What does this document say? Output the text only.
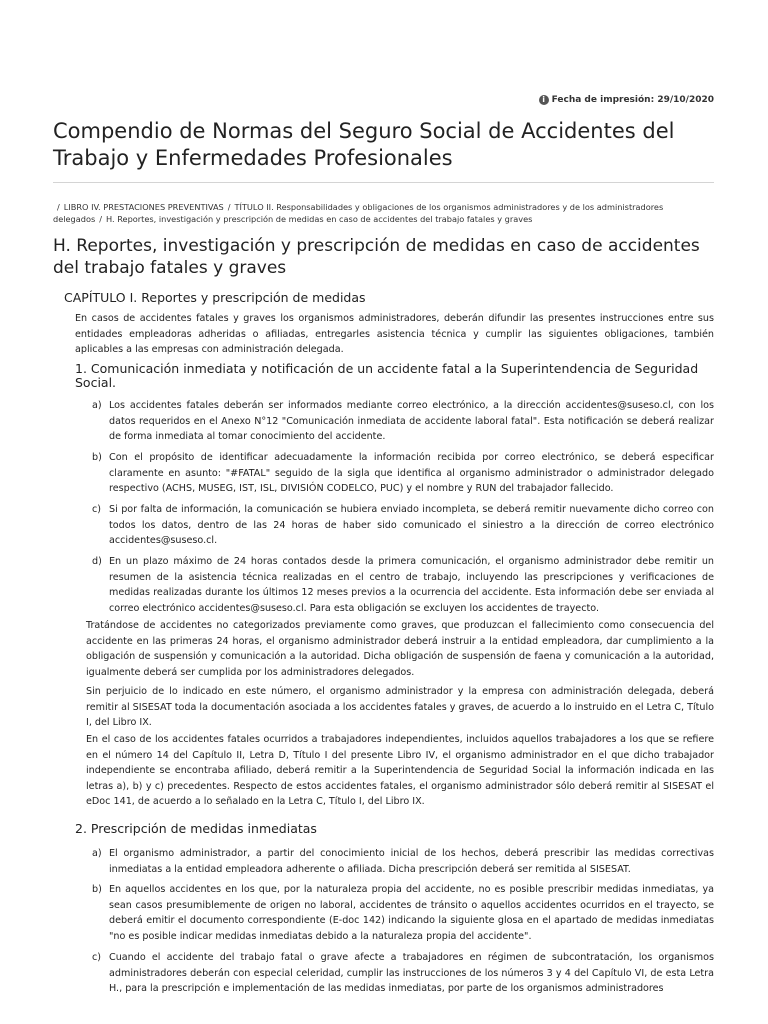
i Fecha de impresión: 29/10/2020
Compendio de Normas del Seguro Social de Accidentes del Trabajo y Enfermedades Profesionales
/ LIBRO IV. PRESTACIONES PREVENTIVAS / TÍTULO II. Responsabilidades y obligaciones de los organismos administradores y de los administradores delegados / H. Reportes, investigación y prescripción de medidas en caso de accidentes del trabajo fatales y graves
H. Reportes, investigación y prescripción de medidas en caso de accidentes del trabajo fatales y graves
CAPÍTULO I. Reportes y prescripción de medidas

En casos de accidentes fatales y graves los organismos administradores, deberán difundir las presentes instrucciones entre sus entidades empleadoras adheridas o afiliadas, entregarles asistencia técnica y cumplir las siguientes obligaciones, también aplicables a las empresas con administración delegada.

1. Comunicación inmediata y notificación de un accidente fatal a la Superintendencia de Seguridad Social.
a) Los accidentes fatales deberán ser informados mediante correo electrónico, a la dirección accidentes@suseso.cl, con los datos requeridos en el Anexo N°12 "Comunicación inmediata de accidente laboral fatal". Esta notificación se deberá realizar de forma inmediata al tomar conocimiento del accidente.
b) Con el propósito de identificar adecuadamente la información recibida por correo electrónico, se deberá especificar claramente en asunto: "#FATAL" seguido de la sigla que identifica al organismo administrador o administrador delegado respectivo (ACHS, MUSEG, IST, ISL, DIVISIÓN CODELCO, PUC) y el nombre y RUN del trabajador fallecido.
c) Si por falta de información, la comunicación se hubiera enviado incompleta, se deberá remitir nuevamente dicho correo con todos los datos, dentro de las 24 horas de haber sido comunicado el siniestro a la dirección de correo electrónico accidentes@suseso.cl.
d) En un plazo máximo de 24 horas contados desde la primera comunicación, el organismo administrador debe remitir un resumen de la asistencia técnica realizadas en el centro de trabajo, incluyendo las prescripciones y verificaciones de medidas realizadas durante los últimos 12 meses previos a la ocurrencia del accidente. Esta información debe ser enviada al correo electrónico accidentes@suseso.cl. Para esta obligación se excluyen los accidentes de trayecto.

Tratándose de accidentes no categorizados previamente como graves, que produzcan el fallecimiento como consecuencia del accidente en las primeras 24 horas, el organismo administrador deberá instruir a la entidad empleadora, dar cumplimiento a la obligación de suspensión y comunicación a la autoridad. Dicha obligación de suspensión de faena y comunicación a la autoridad, igualmente deberá ser cumplida por los administradores delegados.

Sin perjuicio de lo indicado en este número, el organismo administrador y la empresa con administración delegada, deberá remitir al SISESAT toda la documentación asociada a los accidentes fatales y graves, de acuerdo a lo instruido en el Letra C, Título I, del Libro IX.

En el caso de los accidentes fatales ocurridos a trabajadores independientes, incluidos aquellos trabajadores a los que se refiere en el número 14 del Capítulo II, Letra D, Título I del presente Libro IV, el organismo administrador en el que dicho trabajador independiente se encontraba afiliado, deberá remitir a la Superintendencia de Seguridad Social la información indicada en las letras a), b) y c) precedentes. Respecto de estos accidentes fatales, el organismo administrador sólo deberá remitir al SISESAT el eDoc 141, de acuerdo a lo señalado en la Letra C, Título I, del Libro IX.

2. Prescripción de medidas inmediatas
a) El organismo administrador, a partir del conocimiento inicial de los hechos, deberá prescribir las medidas correctivas inmediatas a la entidad empleadora adherente o afiliada. Dicha prescripción deberá ser remitida al SISESAT.
b) En aquellos accidentes en los que, por la naturaleza propia del accidente, no es posible prescribir medidas inmediatas, ya sean casos presumiblemente de origen no laboral, accidentes de tránsito o aquellos accidentes ocurridos en el trayecto, se deberá emitir el documento correspondiente (E-doc 142) indicando la siguiente glosa en el apartado de medidas inmediatas "no es posible indicar medidas inmediatas debido a la naturaleza propia del accidente".
c) Cuando el accidente del trabajo fatal o grave afecte a trabajadores en régimen de subcontratación, los organismos administradores deberán con especial celeridad, cumplir las instrucciones de los números 3 y 4 del Capítulo VI, de esta Letra H., para la prescripción e implementación de las medidas inmediatas, por parte de los organismos administradores
